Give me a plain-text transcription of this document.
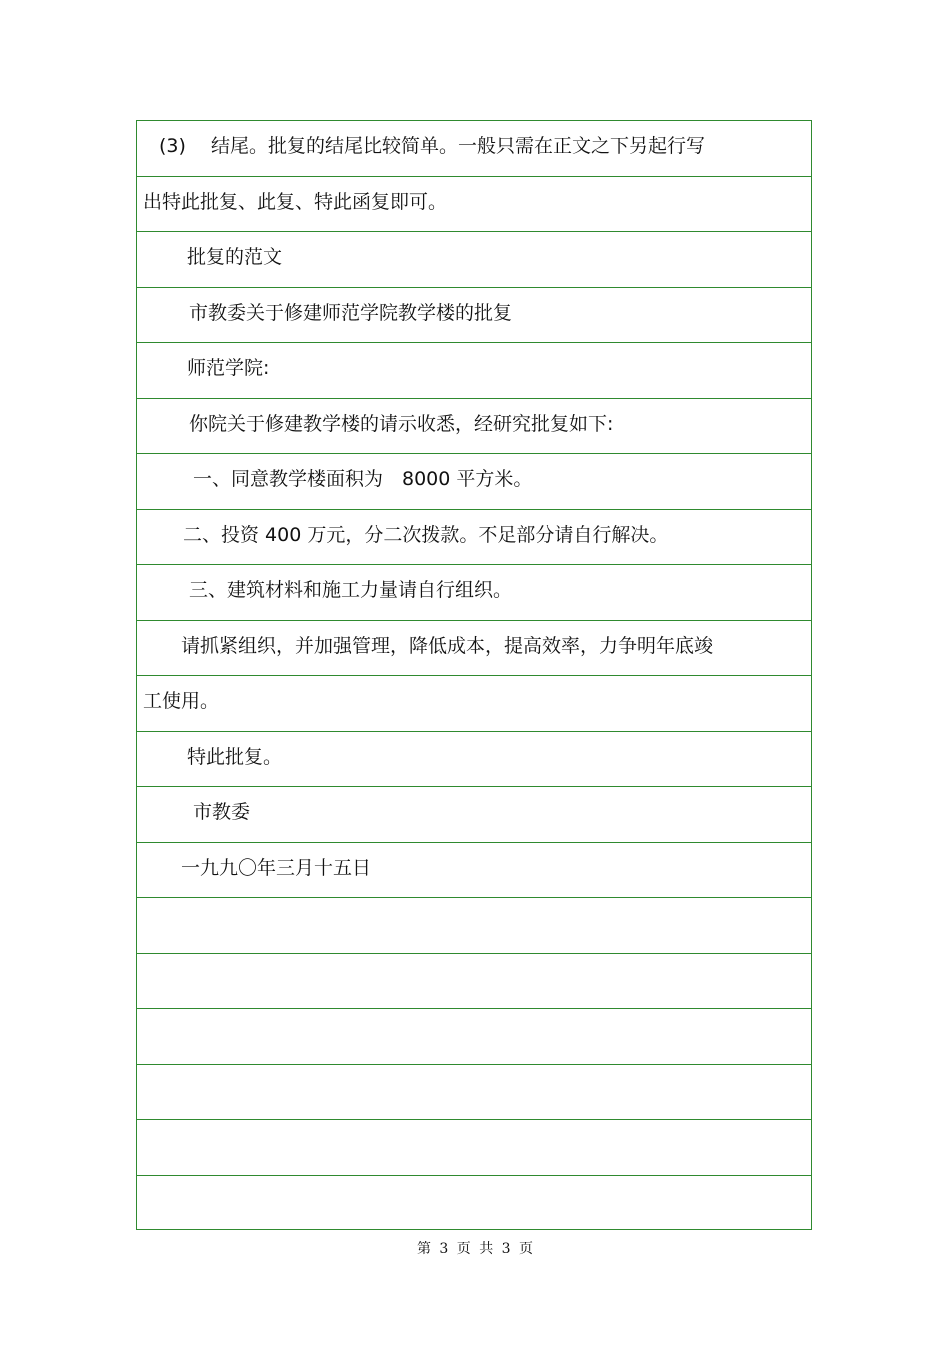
(3)　 结尾。批复的结尾比较简单。一般只需在正文之下另起行写
出特此批复、此复、特此函复即可。
批复的范文
市教委关于修建师范学院教学楼的批复
师范学院:
你院关于修建教学楼的请示收悉，经研究批复如下:
一、同意教学楼面积为　8000 平方米。
二、投资 400 万元，分二次拨款。不足部分请自行解决。
三、建筑材料和施工力量请自行组织。
请抓紧组织，并加强管理，降低成本，提高效率，力争明年底竣
工使用。
特此批复。
市教委
一九九〇年三月十五日
第 3 页 共 3 页
